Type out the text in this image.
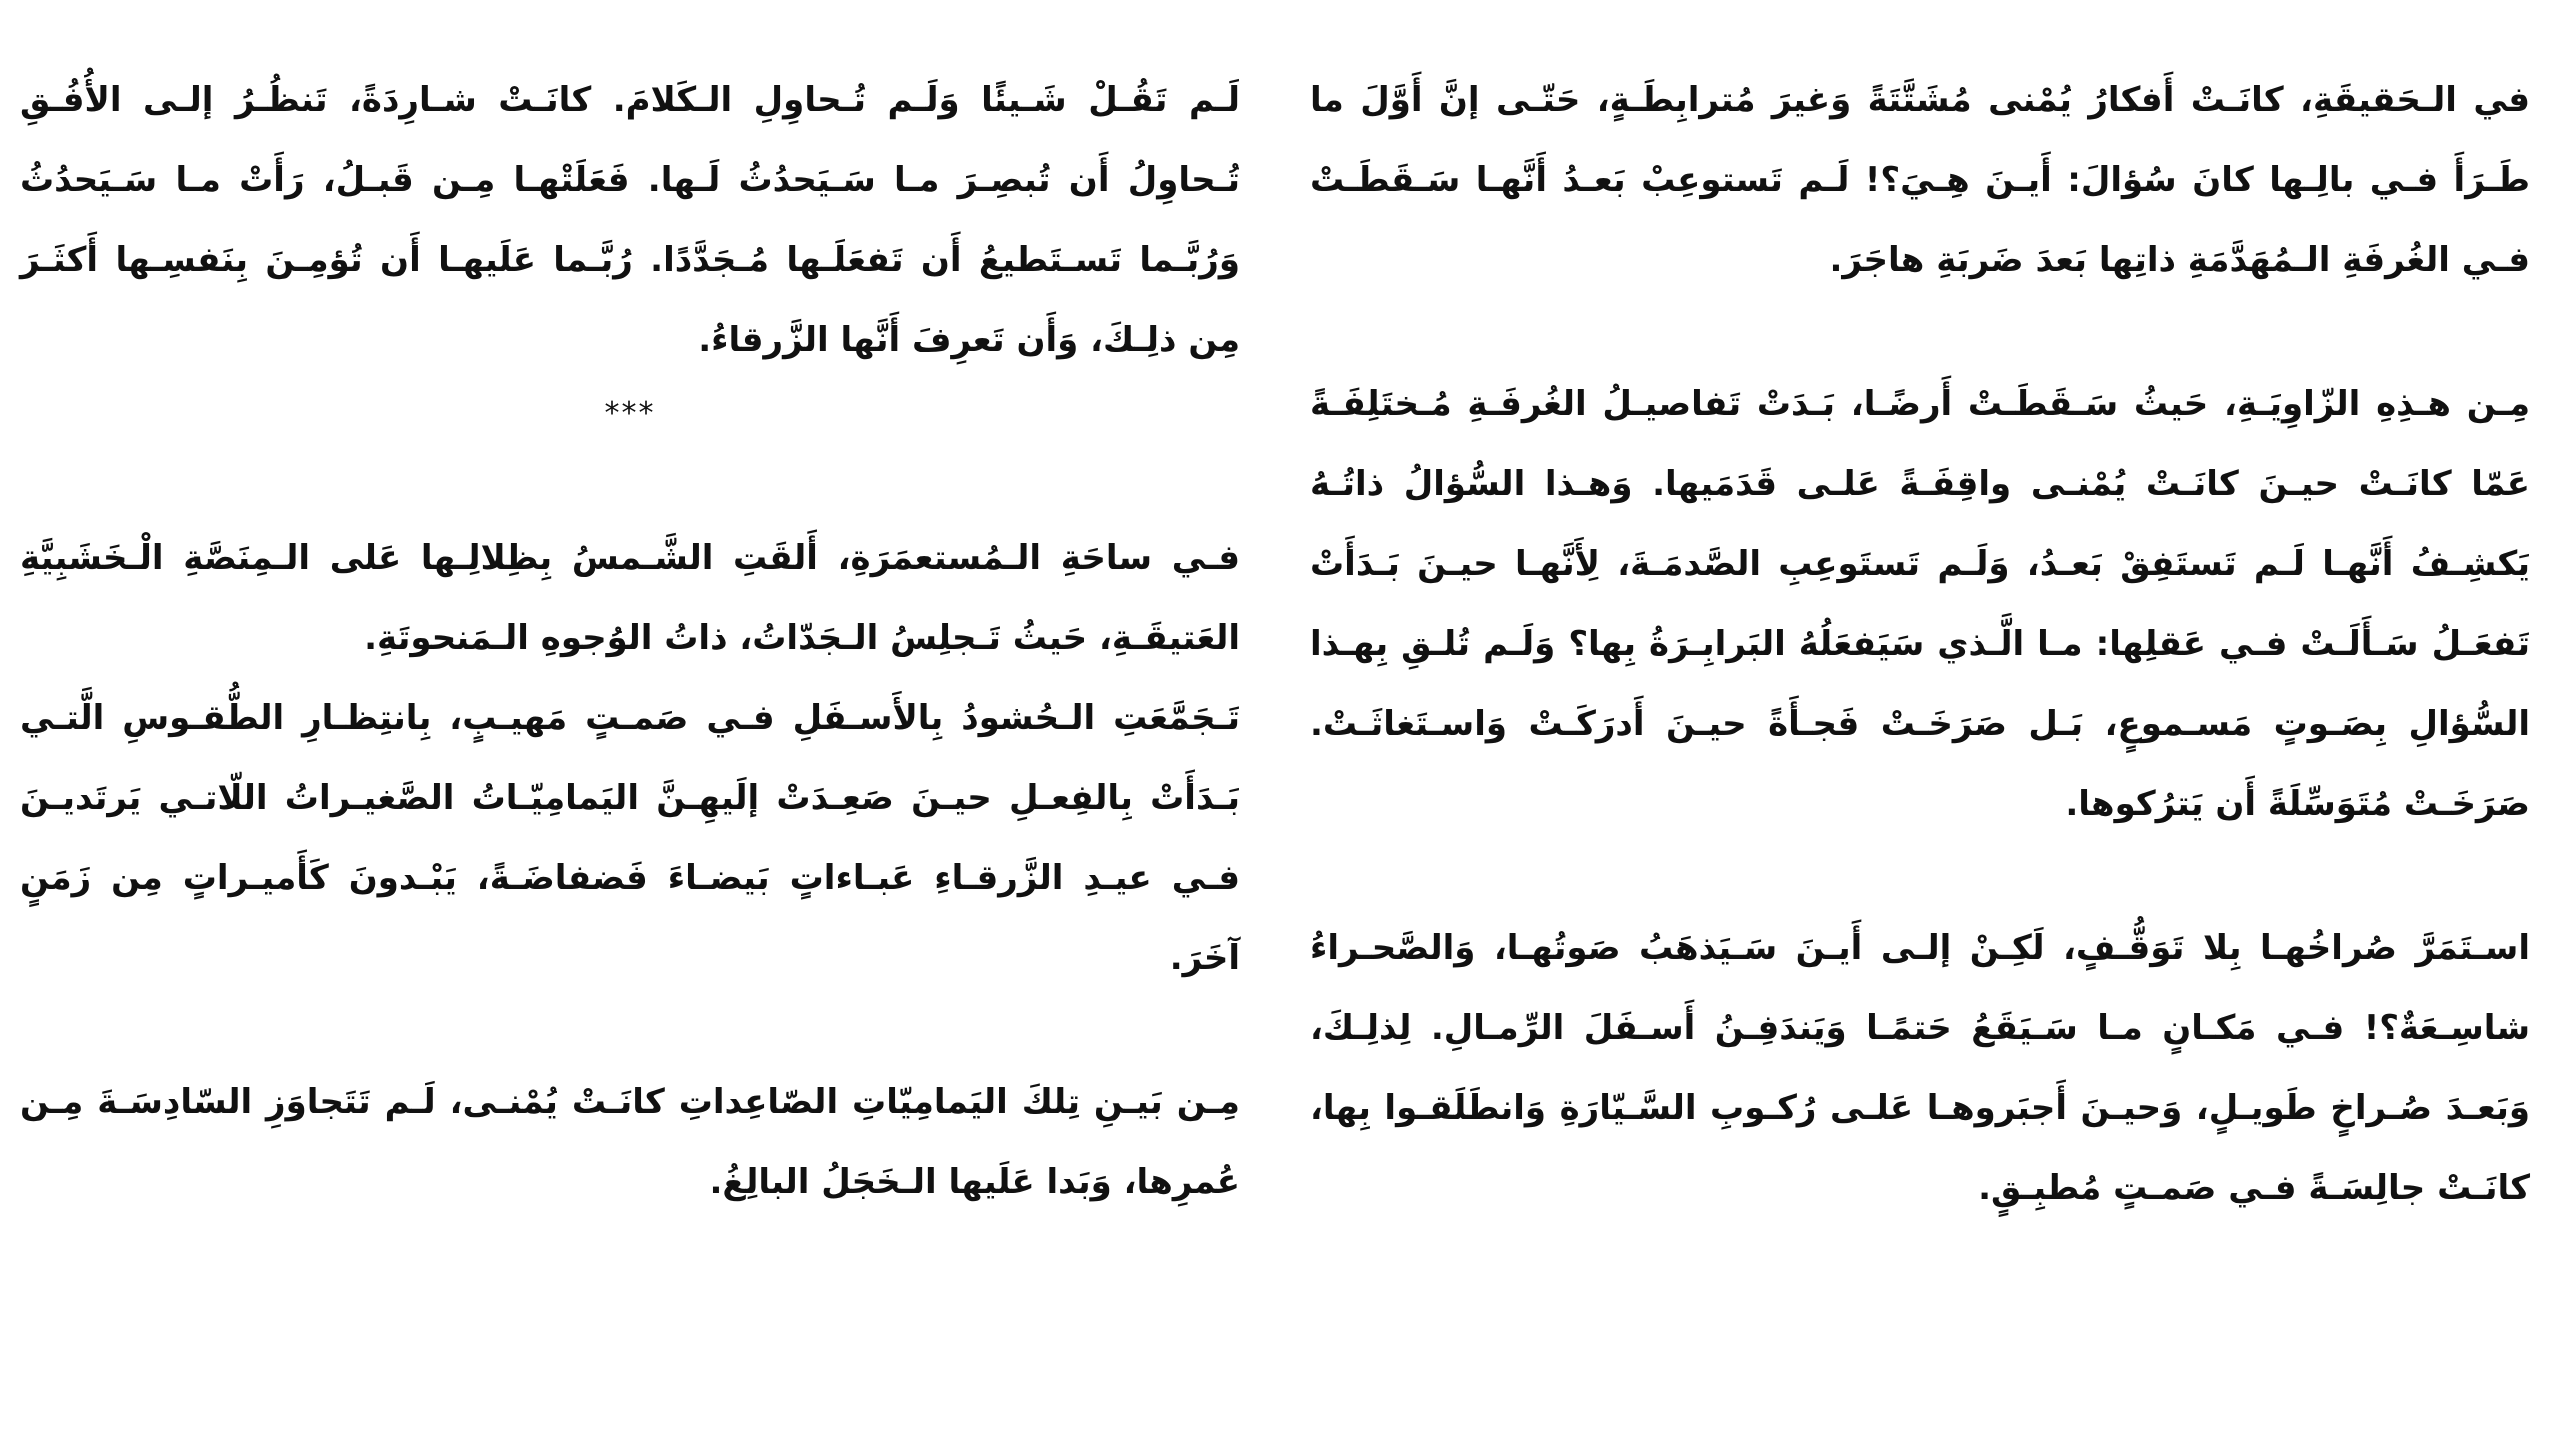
في الـحَقيقَةِ، كانَـتْ أَفكارُ يُمْنى مُشَتَّتَةً وَغيرَ مُترابِطَـةٍ، حَتّـى إنَّ أَوَّلَ ما طَـرَأَ فـي بالِـها كانَ سُؤالَ: أَيـنَ هِـيَ؟! لَـم تَستوعِبْ بَعـدُ أَنَّهـا سَـقَطَـتْ فـي الغُرفَةِ الـمُهَدَّمَةِ ذاتِها بَعدَ ضَربَةِ هاجَرَ.

مِـن هـذِهِ الزّاوِيَـةِ، حَيثُ سَـقَطَـتْ أَرضًـا، بَـدَتْ تَفاصيـلُ الغُرفَـةِ مُـختَلِفَـةً عَمّا كانَـتْ حيـنَ كانَـتْ يُمْنـى واقِفَـةً عَلـى قَدَمَيها. وَهـذا السُّؤالُ ذاتُـهُ يَكشِـفُ أَنَّهـا لَـم تَستَفِقْ بَعـدُ، وَلَـم تَستَوعِبِ الصَّدمَـةَ، لِأَنَّهـا حيـنَ بَـدَأَتْ تَفعَـلُ سَـأَلَـتْ فـي عَقلِها: مـا الَّـذي سَيَفعَلُهُ البَرابِـرَةُ بِها؟ وَلَـم تُلـقِ بِهـذا السُّؤالِ بِصَـوتٍ مَسـموعٍ، بَـل صَرَخَـتْ فَجـأَةً حيـنَ أَدرَكَـتْ وَاسـتَغاثَـتْ. صَرَخَـتْ مُتَوَسِّلَةً أَن يَترُكوها.

اسـتَمَرَّ صُراخُهـا بِلا تَوَقُّـفٍ، لَكِـنْ إلـى أَيـنَ سَـيَذهَبُ صَوتُهـا، وَالصَّحـراءُ شاسِـعَةٌ؟! فـي مَكـانٍ مـا سَـيَقَعُ حَتمًـا وَيَندَفِـنُ أَسـفَلَ الرِّمـالِ. لِذلِـكَ، وَبَعـدَ صُـراخٍ طَويـلٍ، وَحيـنَ أَجبَروهـا عَلـى رُكـوبِ السَّـيّارَةِ وَانطَلَقـوا بِها، كانَـتْ جالِسَـةً فـي صَمـتٍ مُطبِـقٍ.

لَـم تَقُـلْ شَـيئًا وَلَـم تُـحاوِلِ الـكَلامَ. كانَـتْ شـارِدَةً، تَنظُـرُ إلـى الأُفُـقِ تُـحاوِلُ أَن تُبصِـرَ مـا سَـيَحدُثُ لَـها. فَعَلَتْهـا مِـن قَبـلُ، رَأَتْ مـا سَـيَحدُثُ وَرُبَّـما تَسـتَطيعُ أَن تَفعَلَـها مُـجَدَّدًا. رُبَّـما عَلَيهـا أَن تُؤمِـنَ بِنَفسِـها أَكثَـرَ مِن ذلِـكَ، وَأَن تَعرِفَ أَنَّها الزَّرقاءُ.

***

فـي ساحَةِ الـمُستعمَرَةِ، أَلقَتِ الشَّـمسُ بِظِلالِـها عَلى الـمِنَصَّةِ الْـخَشَبِيَّةِ العَتيقَـةِ، حَيثُ تَـجلِسُ الـجَدّاتُ، ذاتُ الوُجوهِ الـمَنحوتَةِ.

تَـجَمَّعَتِ الـحُشودُ بِالأَسـفَلِ فـي صَمـتٍ مَهيـبٍ، بِانتِظـارِ الطُّقـوسِ الَّتـي بَـدَأَتْ بِالفِعـلِ حيـنَ صَعِـدَتْ إلَيهِـنَّ اليَمامِيّـاتُ الصَّغيـراتُ اللّاتـي يَرتَديـنَ فـي عيـدِ الزَّرقـاءِ عَبـاءاتٍ بَيضـاءَ فَضفاضَـةً، يَبْـدونَ كَأَميـراتٍ مِن زَمَنٍ آخَرَ.

مِـن بَيـنِ تِلكَ اليَمامِيّاتِ الصّاعِداتِ كانَـتْ يُمْنـى، لَـم تَتَجاوَزِ السّادِسَـةَ مِـن عُمرِها، وَبَدا عَلَيها الـخَجَلُ البالِغُ.
